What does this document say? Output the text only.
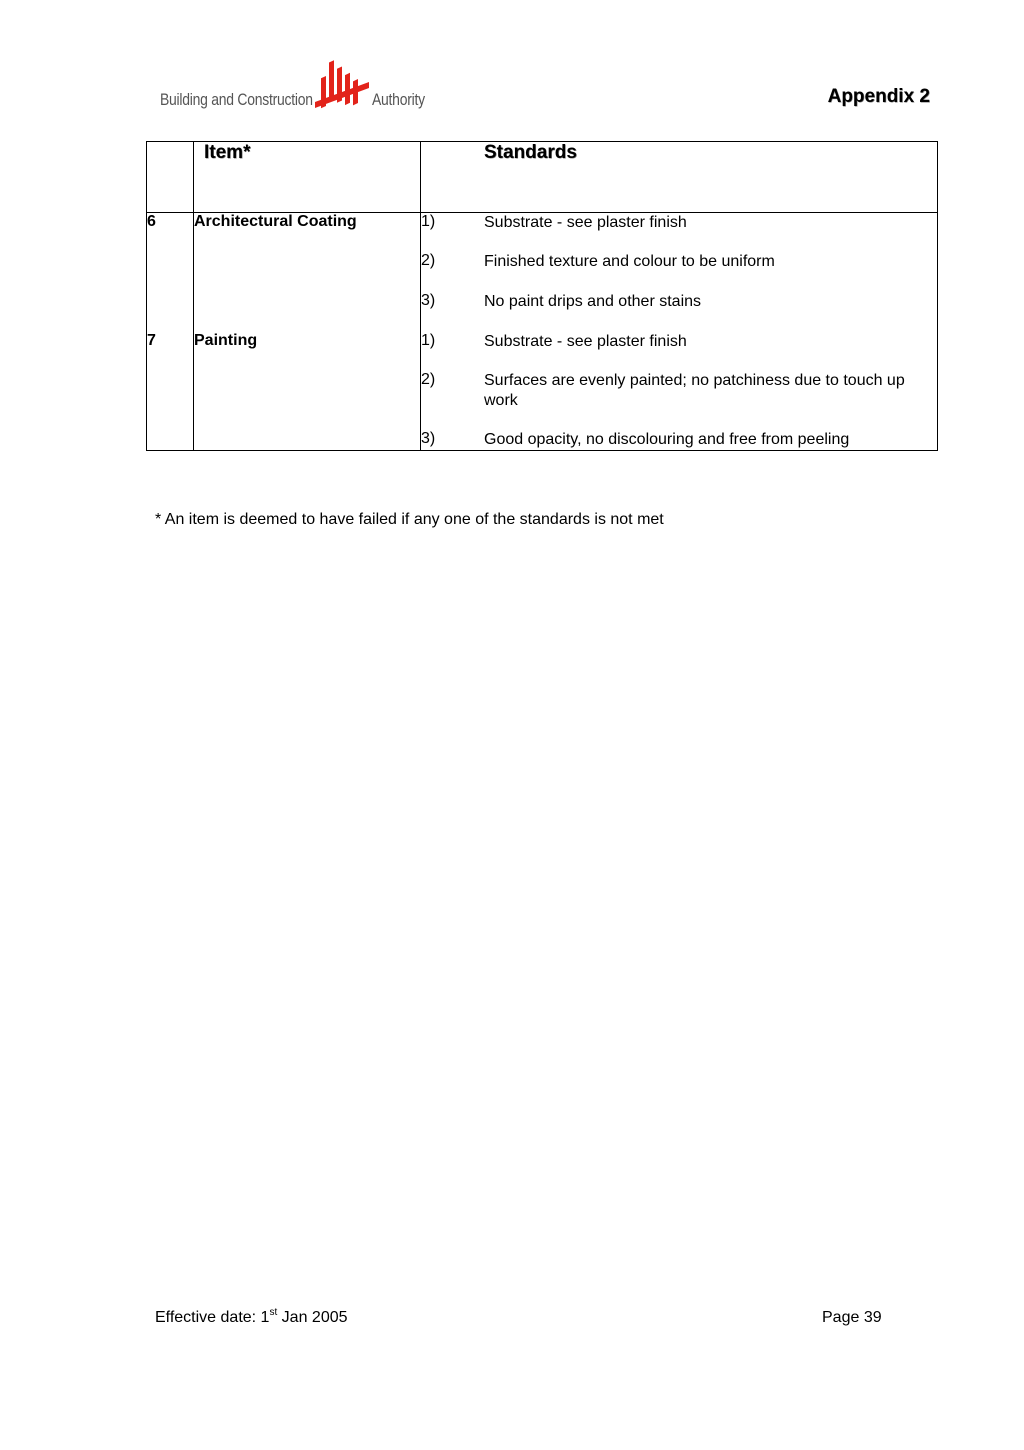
Building and Construction	Authority	Appendix 2
	Item*		Standards
6	Architectural Coating	1)	Substrate - see plaster finish
		2)	Finished texture and colour to be uniform
		3)	No paint drips and other stains
7	Painting	1)	Substrate - see plaster finish
		2)	Surfaces are evenly painted; no patchiness due to touch up work
		3)	Good opacity, no discolouring and free from peeling
* An item is deemed to have failed if any one of the standards is not met
Effective date: 1st Jan 2005	Page 39
